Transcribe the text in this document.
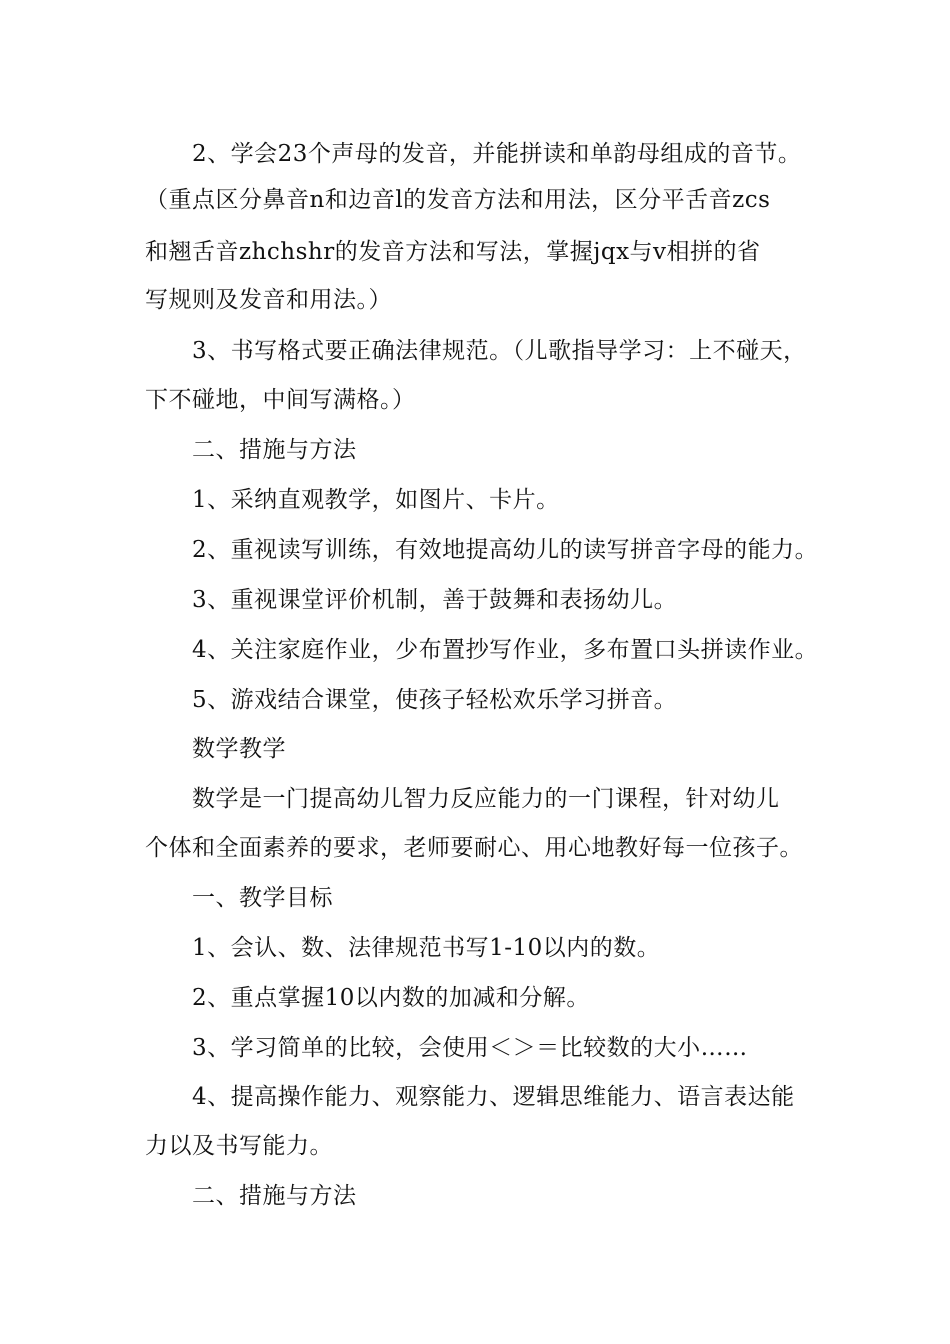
2、学会23个声母的发音，并能拼读和单韵母组成的音节。
（重点区分鼻音n和边音l的发音方法和用法，区分平舌音zcs
和翘舌音zhchshr的发音方法和写法，掌握jqx与v相拼的省
写规则及发音和用法。）
3、书写格式要正确法律规范。（儿歌指导学习：上不碰天，
下不碰地，中间写满格。）
二、措施与方法
1、采纳直观教学，如图片、卡片。
2、重视读写训练，有效地提高幼儿的读写拼音字母的能力。
3、重视课堂评价机制，善于鼓舞和表扬幼儿。
4、关注家庭作业，少布置抄写作业，多布置口头拼读作业。
5、游戏结合课堂，使孩子轻松欢乐学习拼音。
数学教学
数学是一门提高幼儿智力反应能力的一门课程，针对幼儿
个体和全面素养的要求，老师要耐心、用心地教好每一位孩子。
一、教学目标
1、会认、数、法律规范书写1-10以内的数。
2、重点掌握10以内数的加减和分解。
3、学习简单的比较，会使用＜＞＝比较数的大小……
4、提高操作能力、观察能力、逻辑思维能力、语言表达能
力以及书写能力。
二、措施与方法
